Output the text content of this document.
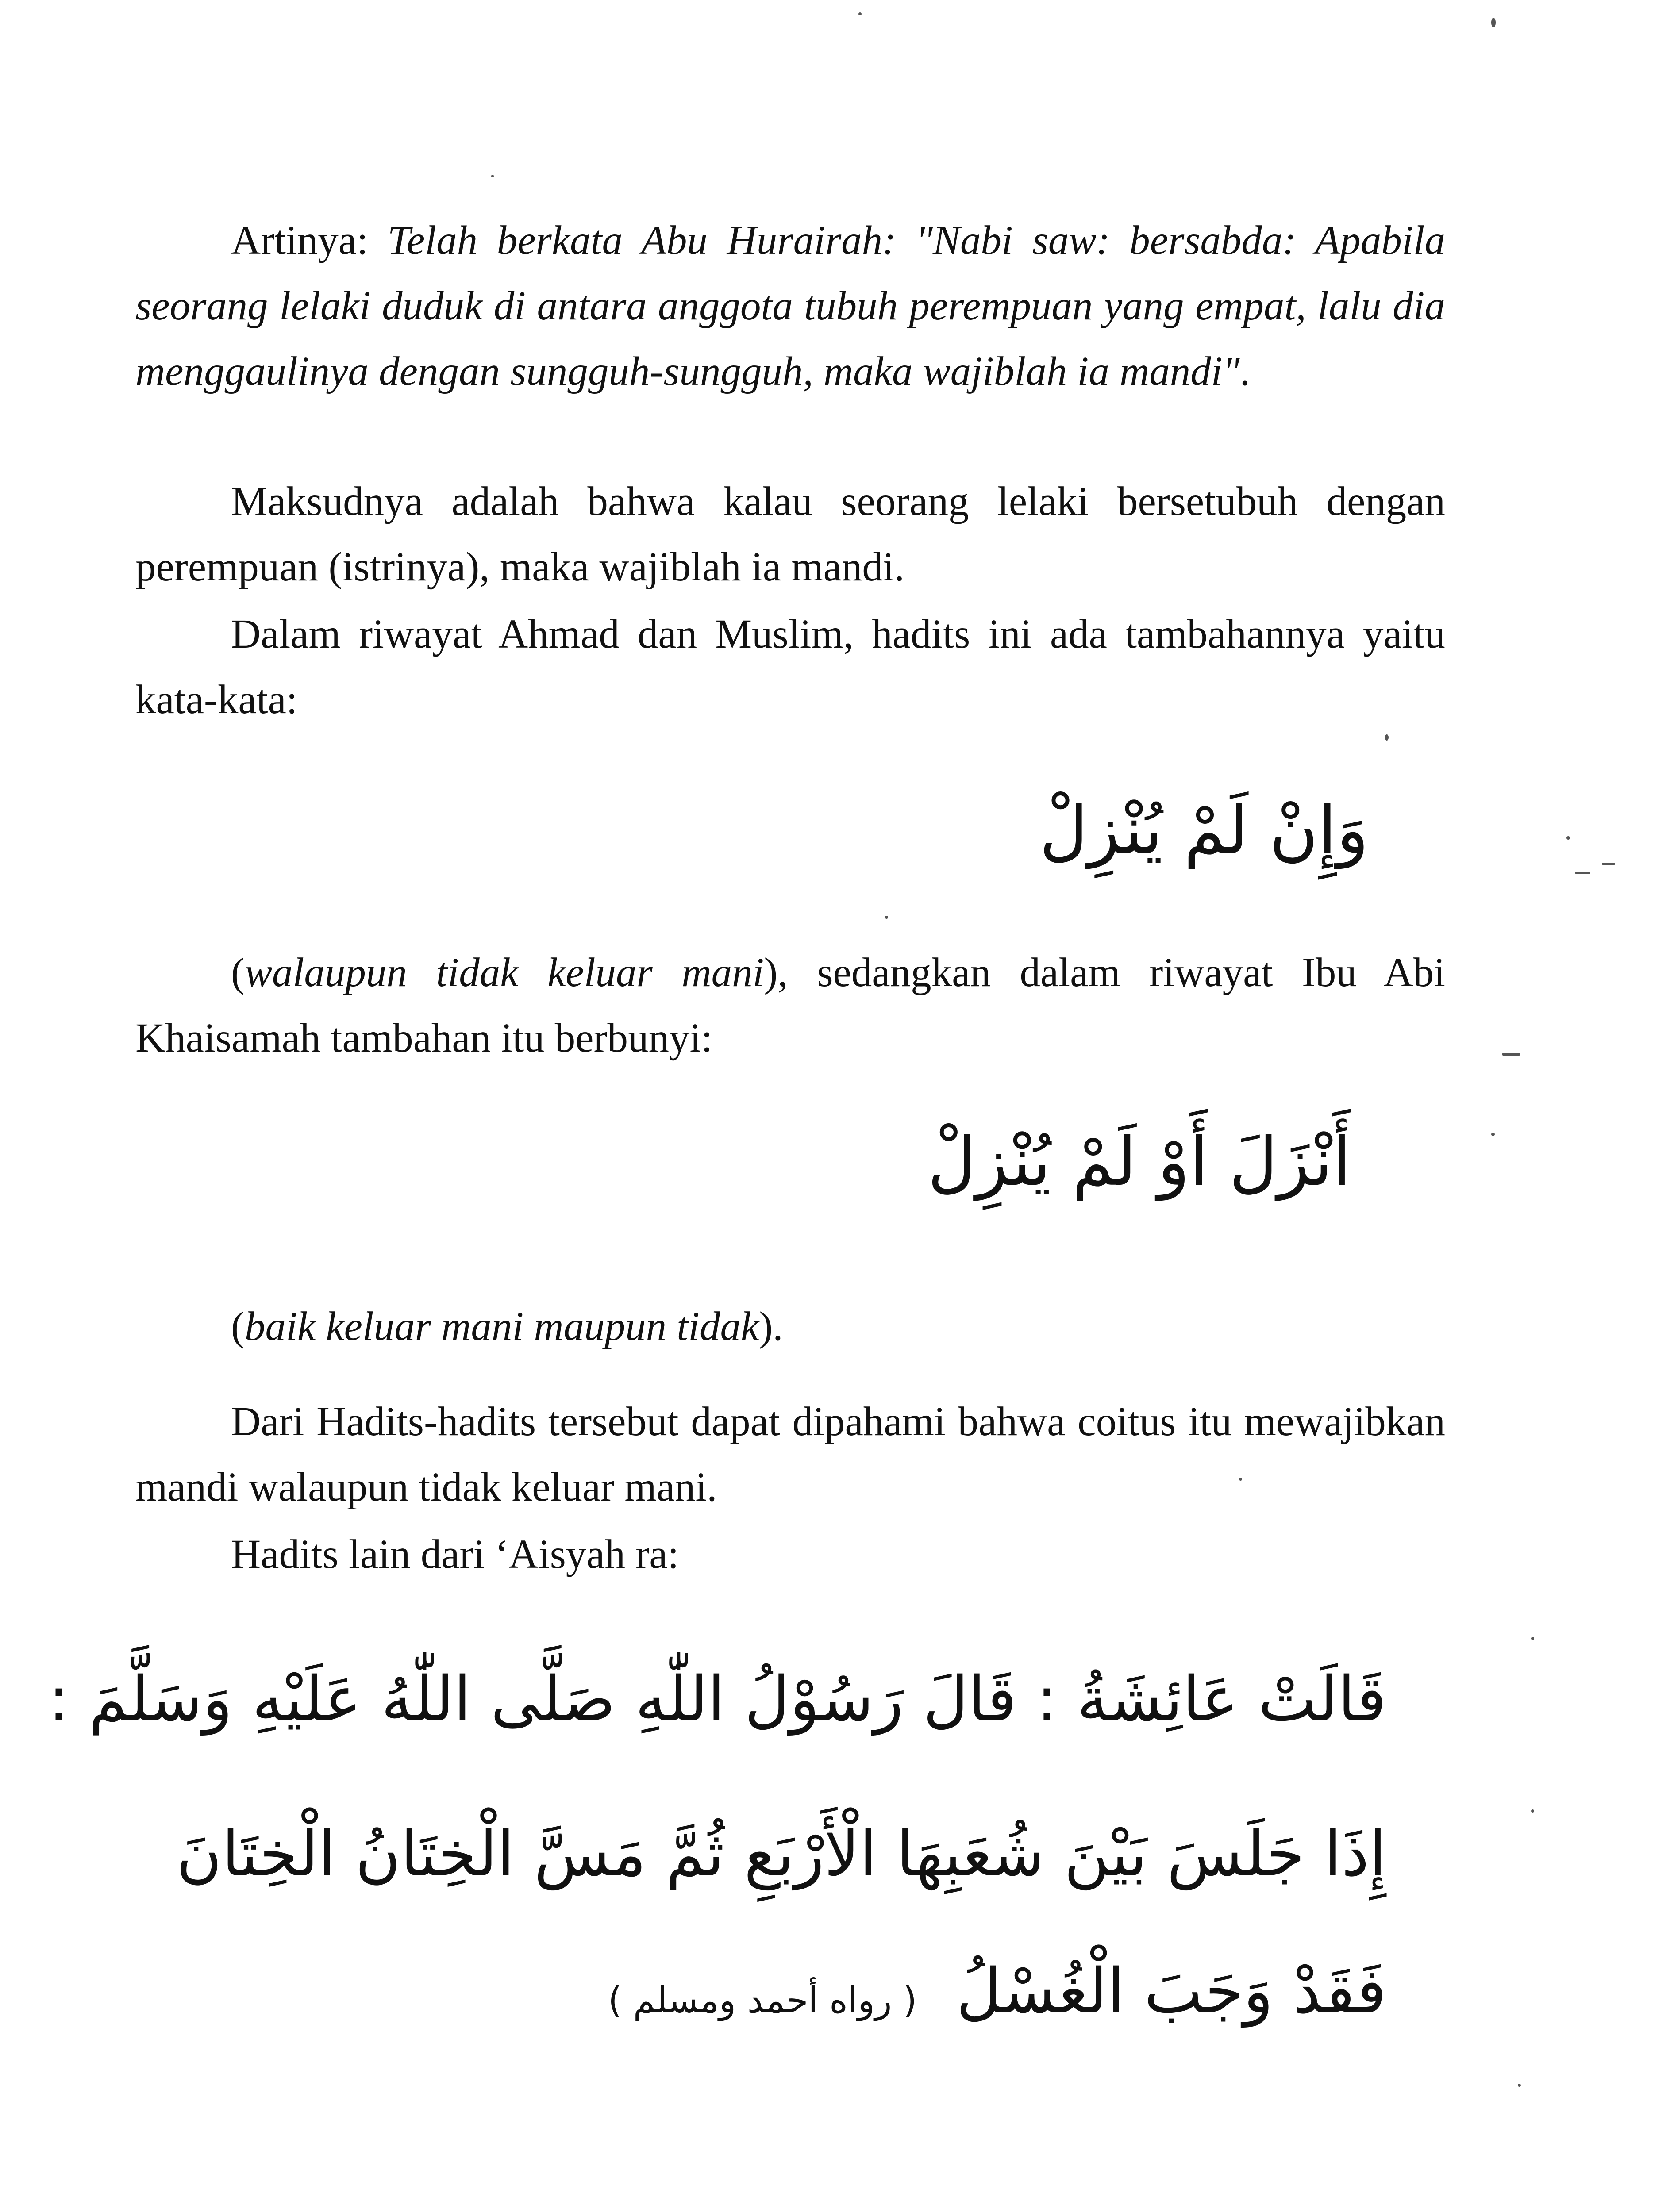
Artinya: Telah berkata Abu Hurairah: "Nabi saw: bersabda: Apabila seorang lelaki duduk di antara anggota tubuh perempuan yang empat, lalu dia menggaulinya dengan sungguh-sungguh, maka wajiblah ia mandi".

Maksudnya adalah bahwa kalau seorang lelaki bersetubuh dengan perempuan (istrinya), maka wajiblah ia mandi.

Dalam riwayat Ahmad dan Muslim, hadits ini ada tambahannya yaitu kata-kata:

وَإِنْ لَمْ يُنْزِلْ

(walaupun tidak keluar mani), sedangkan dalam riwayat Ibu Abi Khaisamah tambahan itu berbunyi:

أَنْزَلَ أَوْ لَمْ يُنْزِلْ

(baik keluar mani maupun tidak).

Dari Hadits-hadits tersebut dapat dipahami bahwa coitus itu mewajibkan mandi walaupun tidak keluar mani.

Hadits lain dari ‘Aisyah ra:

قَالَتْ عَائِشَةُ : قَالَ رَسُوْلُ اللّٰهِ صَلَّى اللّٰهُ عَلَيْهِ وَسَلَّمَ :

إِذَا جَلَسَ بَيْنَ شُعَبِهَا الْأَرْبَعِ ثُمَّ مَسَّ الْخِتَانُ الْخِتَانَ

فَقَدْ وَجَبَ الْغُسْلُ  ( رواه أحمد ومسلم )
